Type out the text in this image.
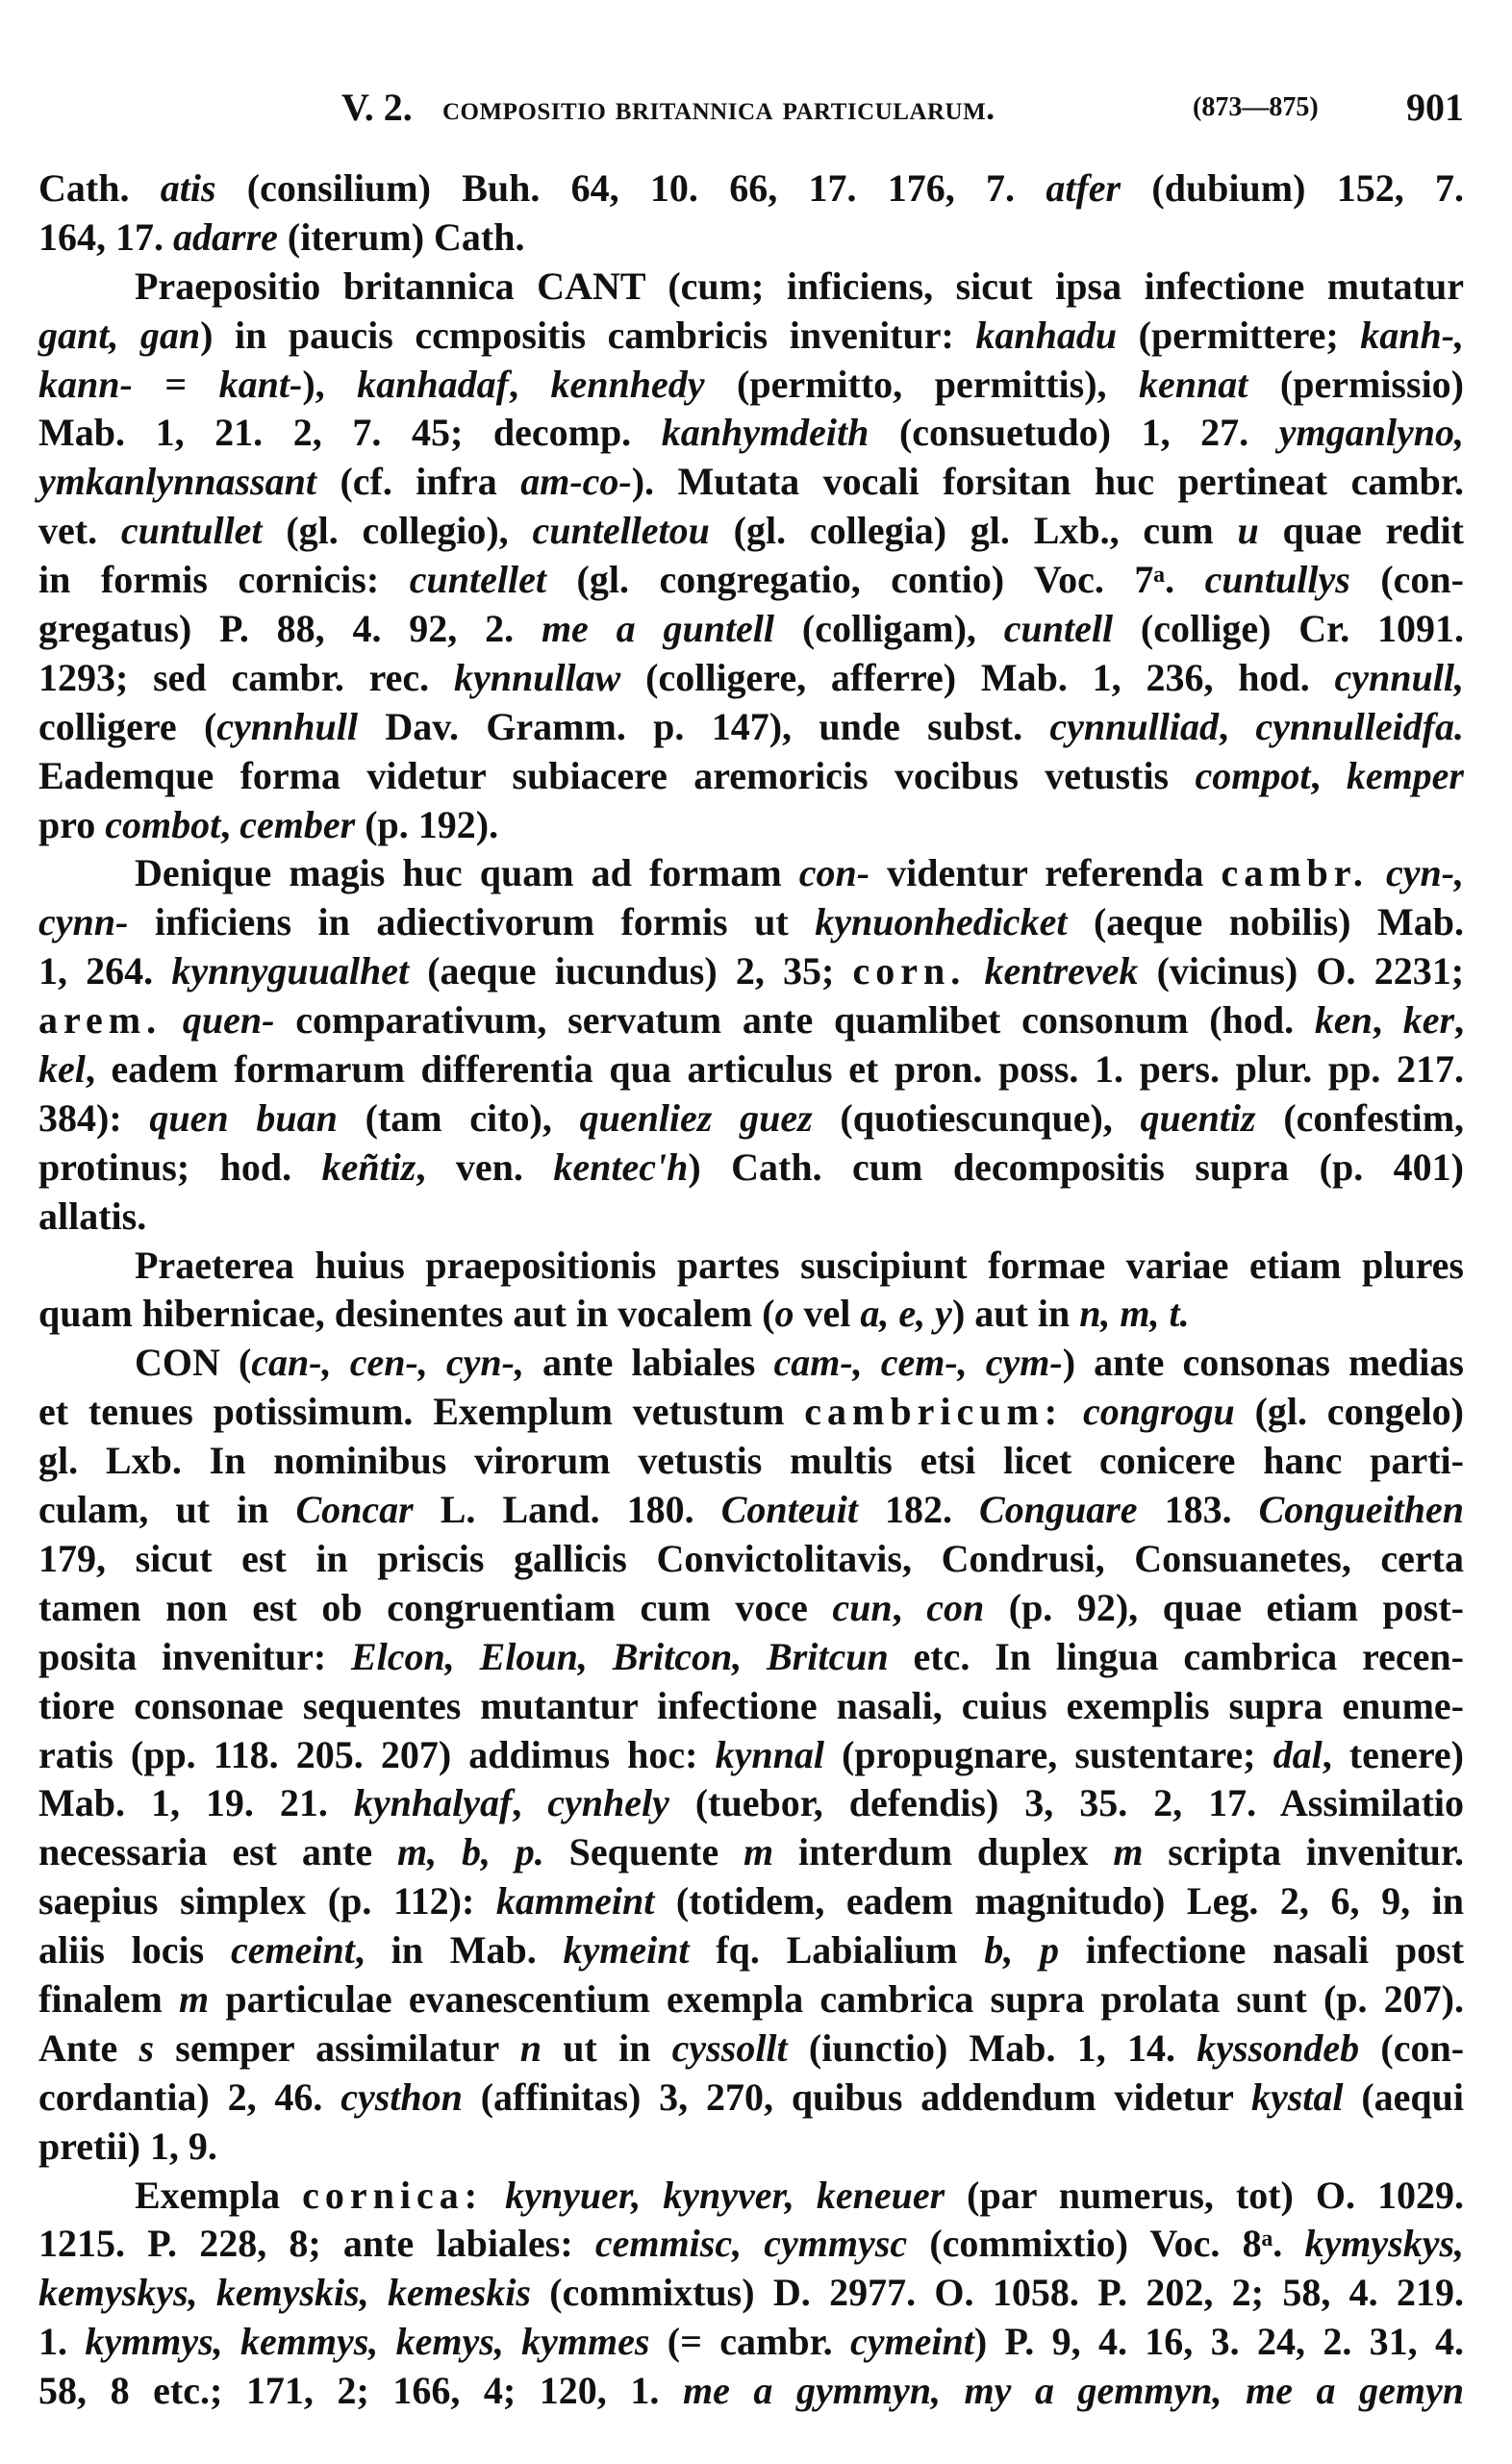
V. 2. compositio britannica particularum.	(873—875) 901
Cath. atis (consilium) Buh. 64, 10. 66, 17. 176, 7. atfer (dubium) 152, 7.
164, 17. adarre (iterum) Cath.
Praepositio britannica CANT (cum; inficiens, sicut ipsa infectione mutatur
gant, gan) in paucis ccmpositis cambricis invenitur: kanhadu (permittere; kanh-,
kann- = kant-), kanhadaf, kennhedy (permitto, permittis), kennat (permissio)
Mab. 1, 21. 2, 7. 45; decomp. kanhymdeith (consuetudo) 1, 27. ymganlyno,
ymkanlynnassant (cf. infra am-co-). Mutata vocali forsitan huc pertineat cambr.
vet. cuntullet (gl. collegio), cuntelletou (gl. collegia) gl. Lxb., cum u quae redit
in formis cornicis: cuntellet (gl. congregatio, contio) Voc. 7ᵃ. cuntullys (con-
gregatus) P. 88, 4. 92, 2. me a guntell (colligam), cuntell (collige) Cr. 1091.
1293; sed cambr. rec. kynnullaw (colligere, afferre) Mab. 1, 236, hod. cynnull,
colligere (cynnhull Dav. Gramm. p. 147), unde subst. cynnulliad, cynnulleidfa.
Eademque forma videtur subiacere aremoricis vocibus vetustis compot, kemper
pro combot, cember (p. 192).
Denique magis huc quam ad formam con- videntur referenda cambr. cyn-,
cynn- inficiens in adiectivorum formis ut kynuonhedicket (aeque nobilis) Mab.
1, 264. kynnyguualhet (aeque iucundus) 2, 35; corn. kentrevek (vicinus) O. 2231;
arem. quen- comparativum, servatum ante quamlibet consonum (hod. ken, ker,
kel, eadem formarum differentia qua articulus et pron. poss. 1. pers. plur. pp. 217.
384): quen buan (tam cito), quenliez guez (quotiescunque), quentiz (confestim,
protinus; hod. keñtiz, ven. kentec'h) Cath. cum decompositis supra (p. 401)
allatis.
Praeterea huius praepositionis partes suscipiunt formae variae etiam plures
quam hibernicae, desinentes aut in vocalem (o vel a, e, y) aut in n, m, t.
CON (can-, cen-, cyn-, ante labiales cam-, cem-, cym-) ante consonas medias
et tenues potissimum. Exemplum vetustum cambricum: congrogu (gl. congelo)
gl. Lxb. In nominibus virorum vetustis multis etsi licet conicere hanc parti-
culam, ut in Concar L. Land. 180. Conteuit 182. Conguare 183. Congueithen
179, sicut est in priscis gallicis Convictolitavis, Condrusi, Consuanetes, certa
tamen non est ob congruentiam cum voce cun, con (p. 92), quae etiam post-
posita invenitur: Elcon, Eloun, Britcon, Britcun etc. In lingua cambrica recen-
tiore consonae sequentes mutantur infectione nasali, cuius exemplis supra enume-
ratis (pp. 118. 205. 207) addimus hoc: kynnal (propugnare, sustentare; dal, tenere)
Mab. 1, 19. 21. kynhalyaf, cynhely (tuebor, defendis) 3, 35. 2, 17. Assimilatio
necessaria est ante m, b, p. Sequente m interdum duplex m scripta invenitur.
saepius simplex (p. 112): kammeint (totidem, eadem magnitudo) Leg. 2, 6, 9, in
aliis locis cemeint, in Mab. kymeint fq. Labialium b, p infectione nasali post
finalem m particulae evanescentium exempla cambrica supra prolata sunt (p. 207).
Ante s semper assimilatur n ut in cyssollt (iunctio) Mab. 1, 14. kyssondeb (con-
cordantia) 2, 46. cysthon (affinitas) 3, 270, quibus addendum videtur kystal (aequi
pretii) 1, 9.
Exempla cornica: kynyuer, kynyver, keneuer (par numerus, tot) O. 1029.
1215. P. 228, 8; ante labiales: cemmisc, cymmysc (commixtio) Voc. 8ᵃ. kymyskys,
kemyskys, kemyskis, kemeskis (commixtus) D. 2977. O. 1058. P. 202, 2; 58, 4. 219.
1. kymmys, kemmys, kemys, kymmes (= cambr. cymeint) P. 9, 4. 16, 3. 24, 2. 31, 4.
58, 8 etc.; 171, 2; 166, 4; 120, 1. me a gymmyn, my a gemmyn, me a gemyn
